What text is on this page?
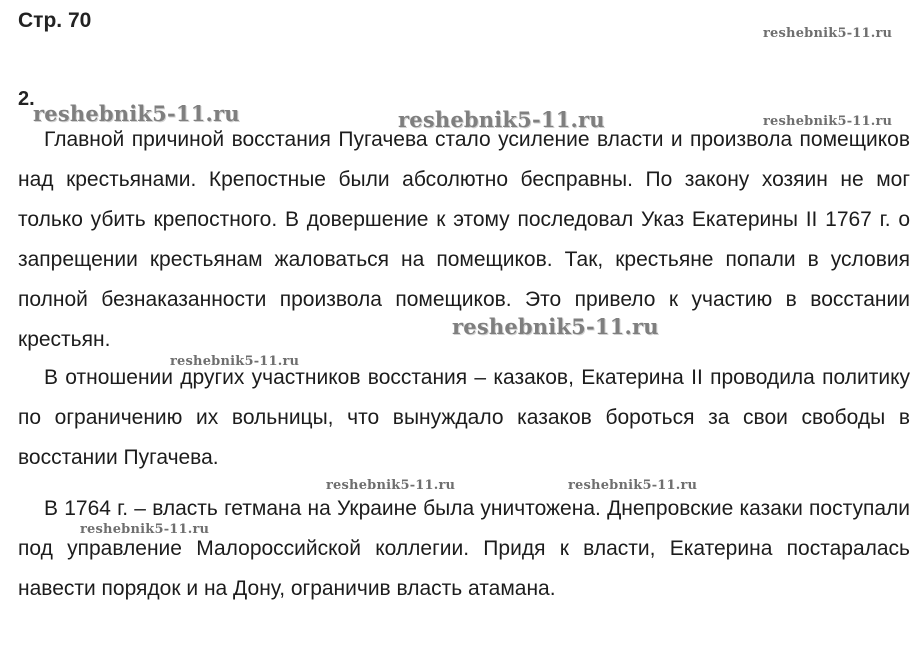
Стр. 70
2.

Главной причиной восстания Пугачева стало усиление власти и произвола помещиков над крестьянами. Крепостные были абсолютно бесправны. По закону хозяин не мог только убить крепостного. В довершение к этому последовал Указ Екатерины II 1767 г. о запрещении крестьянам жаловаться на помещиков. Так, крестьяне попали в условия полной безнаказанности произвола помещиков. Это привело к участию в восстании крестьян.

В отношении других участников восстания – казаков, Екатерина II проводила политику по ограничению их вольницы, что вынуждало казаков бороться за свои свободы в восстании Пугачева.

В 1764 г. – власть гетмана на Украине была уничтожена. Днепровские казаки поступали под управление Малороссийской коллегии. Придя к власти, Екатерина постаралась навести порядок и на Дону, ограничив власть атамана.

reshebnik5-11.ru
reshebnik5-11.ru	reshebnik5-11.ru	reshebnik5-11.ru
reshebnik5-11.ru
reshebnik5-11.ru
reshebnik5-11.ru	reshebnik5-11.ru
reshebnik5-11.ru
